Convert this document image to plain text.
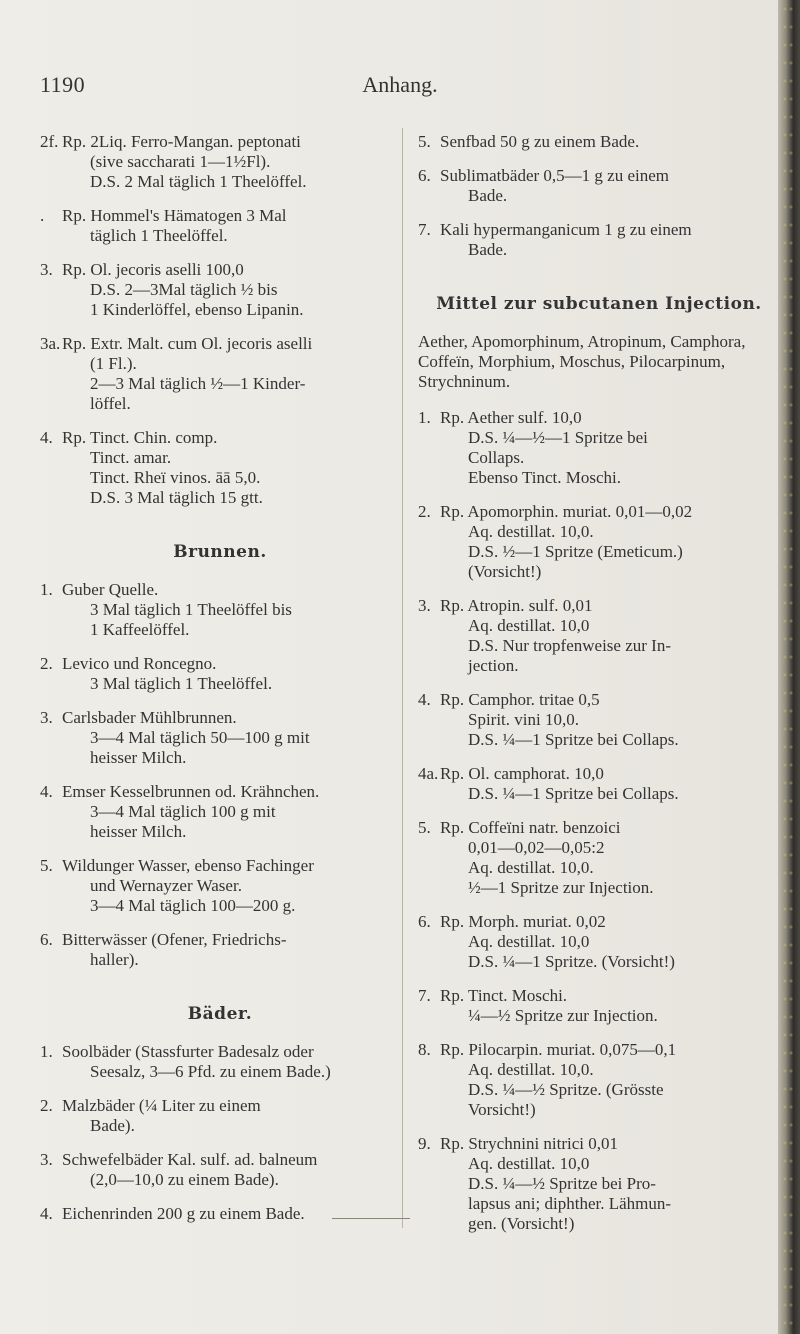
1190	Anhang.
2f. Rp. 2Liq. Ferro-Mangan. peptonati
(sive saccharati 1—1½Fl).
D.S. 2 Mal täglich 1 Theelöffel.
. Rp. Hommel's Hämatogen 3 Mal
täglich 1 Theelöffel.
3. Rp. Ol. jecoris aselli 100,0
D.S. 2—3Mal täglich ½ bis
1 Kinderlöffel, ebenso Lipanin.
3a. Rp. Extr. Malt. cum Ol. jecoris aselli
(1 Fl.).
2—3 Mal täglich ½—1 Kinder-
löffel.
4. Rp. Tinct. Chin. comp.
Tinct. amar.
Tinct. Rheï vinos. āā 5,0.
D.S. 3 Mal täglich 15 gtt.
Brunnen.
1. Guber Quelle.
3 Mal täglich 1 Theelöffel bis
1 Kaffeelöffel.
2. Levico und Roncegno.
3 Mal täglich 1 Theelöffel.
3. Carlsbader Mühlbrunnen.
3—4 Mal täglich 50—100 g mit
heisser Milch.
4. Emser Kesselbrunnen od. Krähnchen.
3—4 Mal täglich 100 g mit
heisser Milch.
5. Wildunger Wasser, ebenso Fachinger
und Wernayzer Waser.
3—4 Mal täglich 100—200 g.
6. Bitterwässer (Ofener, Friedrichs-
haller).
Bäder.
1. Soolbäder (Stassfurter Badesalz oder
Seesalz, 3—6 Pfd. zu einem Bade.)
2. Malzbäder (¼ Liter zu einem
Bade).
3. Schwefelbäder Kal. sulf. ad. balneum
(2,0—10,0 zu einem Bade).
4. Eichenrinden 200 g zu einem Bade.
5. Senfbad 50 g zu einem Bade.
6. Sublimatbäder 0,5—1 g zu einem
Bade.
7. Kali hypermanganicum 1 g zu einem
Bade.
Mittel zur subcutanen Injection.
Aether, Apomorphinum, Atropinum, Camphora, Coffeïn, Morphium, Moschus, Pilocarpinum, Strychninum.
1. Rp. Aether sulf. 10,0
D.S. ¼—½—1 Spritze bei
Collaps.
Ebenso Tinct. Moschi.
2. Rp. Apomorphin. muriat. 0,01—0,02
Aq. destillat. 10,0.
D.S. ½—1 Spritze (Emeticum.)
(Vorsicht!)
3. Rp. Atropin. sulf. 0,01
Aq. destillat. 10,0
D.S. Nur tropfenweise zur In-
jection.
4. Rp. Camphor. tritae 0,5
Spirit. vini 10,0.
D.S. ¼—1 Spritze bei Collaps.
4a. Rp. Ol. camphorat. 10,0
D.S. ¼—1 Spritze bei Collaps.
5. Rp. Coffeïni natr. benzoici
0,01—0,02—0,05:2
Aq. destillat. 10,0.
½—1 Spritze zur Injection.
6. Rp. Morph. muriat. 0,02
Aq. destillat. 10,0
D.S. ¼—1 Spritze. (Vorsicht!)
7. Rp. Tinct. Moschi.
¼—½ Spritze zur Injection.
8. Rp. Pilocarpin. muriat. 0,075—0,1
Aq. destillat. 10,0.
D.S. ¼—½ Spritze. (Grösste
Vorsicht!)
9. Rp. Strychnini nitrici 0,01
Aq. destillat. 10,0
D.S. ¼—½ Spritze bei Pro-
lapsus ani; diphther. Lähmun-
gen. (Vorsicht!)
